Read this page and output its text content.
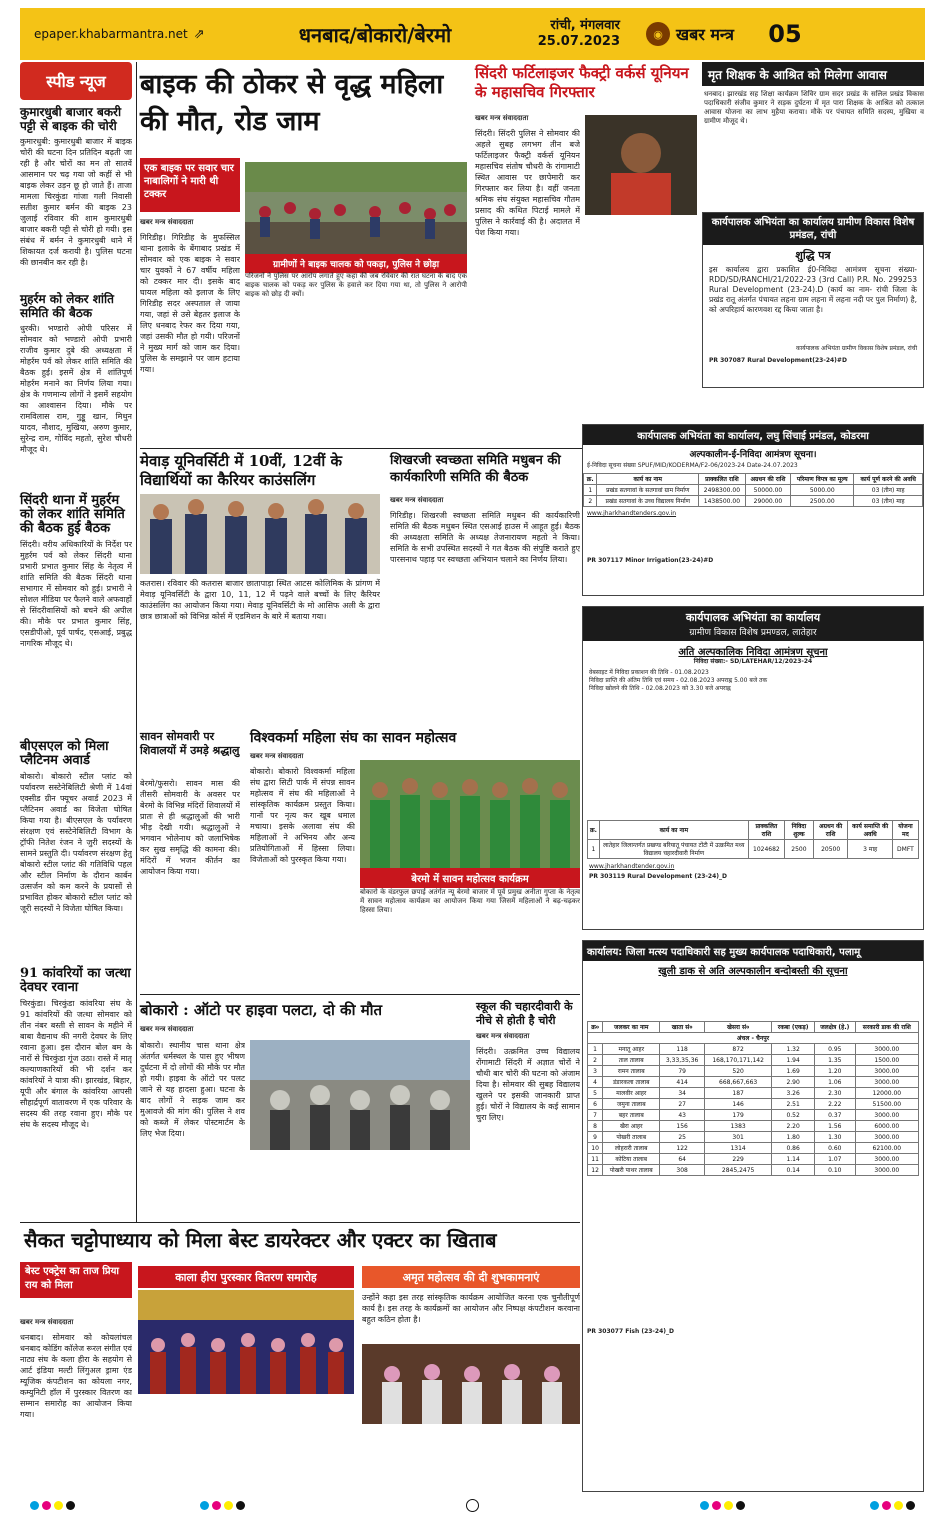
epaper.khabarmantra.net ⇗	धनबाद/बोकारो/बेरमो	रांची, मंगलवार
25.07.2023	◉ खबर मन्त्र	05
स्पीड न्यूज
कुमारधुबी बाजार बकरी पट्टी से बाइक की चोरी
कुमारधुबी: कुमारधुबी बाजार में बाइक चोरी की घटना दिन प्रतिदिन बढ़ती जा रही है और चोरों का मन तो सातवें आसमान पर चढ़ गया जो कहीं से भी बाइक लेकर उड़न छू हो जाते हैं। ताजा मामला चिरकुंडा गांजा गली निवासी सतीश कुमार बर्मन की बाइक 23 जुलाई रविवार की शाम कुमारधुबी बाजार बकरी पट्टी से चोरी हो गयी। इस संबंध में बर्मन ने कुमारधुबी थाने में शिकायत दर्ज करायी है। पुलिस घटना की छानबीन कर रही है।
मुहर्रम को लेकर शांति समिति की बैठक
धुरकी। भण्डारो ओपी परिसर में सोमवार को भण्डारो ओपी प्रभारी राजीव कुमार दुबे की अध्यक्षता में मोहर्रम पर्व को लेकर शांति समिति की बैठक हुई। इसमें क्षेत्र में शांतिपूर्ण मोहर्रम मनाने का निर्णय लिया गया। क्षेत्र के गणमान्य लोगों ने इसमें सहयोग का आश्वासन दिया। मौके पर रामविलास राम, गुड्डू खान, मिथुन यादव, नौशाद, मुखिया, अरुण कुमार, सुरेन्द्र राम, गोविंद महतो, सुरेश चौधरी मौजूद थे।
सिंदरी थाना में मुहर्रम को लेकर शांति समिति की बैठक हुई बैठक
सिंदरी। वरीय अधिकारियों के निर्देश पर मुहर्रम पर्व को लेकर सिंदरी थाना प्रभारी प्रभात कुमार सिंह के नेतृत्व में शांति समिति की बैठक सिंदरी थाना सभागार में सोमवार को हुई। प्रभारी ने सोशल मीडिया पर फैलने वाले अफवाहों से सिंदरीवासियों को बचने की अपील की। मौके पर प्रभात कुमार सिंह, एसडीपीओ, पूर्व पार्षद, एसआई, प्रबुद्ध नागरिक मौजूद थे।
बीएसएल को मिला प्लैटिनम अवार्ड
बोकारो। बोकारो स्टील प्लांट को पर्यावरण सस्टेनेबिलिटी श्रेणी में 14वां एक्सीड ग्रीन फ्यूचर अवार्ड 2023 में प्लैटिनम अवार्ड का विजेता घोषित किया गया है। बीएसएल के पर्यावरण संरक्षण एवं सस्टेनेबिलिटी विभाग के ट्रॉफी नितेश रंजन ने जुरी सदस्यों के सामने प्रस्तुति दी। पर्यावरण संरक्षण हेतु बोकारो स्टील प्लांट की गतिविधि पहल और स्टील निर्माण के दौरान कार्बन उत्सर्जन को कम करने के प्रयासों से प्रभावित होकर बोकारो स्टील प्लांट को जूरी सदस्यों ने विजेता घोषित किया।
91 कांवरियों का जत्था देवघर रवाना
चिरकुंडा। चिरकुंडा कांवरिया संघ के 91 कांवरियों की जत्था सोमवार को तीन नंबर बस्ती से सावन के महीने में बाबा वैद्यनाथ की नगरी देवघर के लिए रवाना हुआ। इस दौरान बोल बम के नारों से चिरकुंडा गूंज उठा। रास्ते में मातृ कल्याणकारियों की भी दर्शन कर कांवरियों ने यात्रा की। झारखंड, बिहार, यूपी और बंगाल के कांवरिया आपसी सौहार्द्रपूर्ण वातावरण में एक परिवार के सदस्य की तरह रवाना हुए। मौके पर संघ के सदस्य मौजूद थे।
बाइक की ठोकर से वृद्ध महिला की मौत, रोड जाम
एक बाइक पर सवार चार नाबालिगों ने मारी थी टक्कर
खबर मन्त्र संवाददाता
गिरिडीह। गिरिडीह के मुफस्सिल थाना इलाके के बेंगाबाद प्रखंड में सोमवार को एक बाइक ने सवार चार युवकों ने 67 वर्षीय महिला को टक्कर मार दी। इसके बाद घायल महिला को इलाज के लिए गिरिडीह सदर अस्पताल ले जाया गया, जहां से उसे बेहतर इलाज के लिए धनबाद रेफर कर दिया गया, जहां उसकी मौत हो गयी। परिजनों ने मुख्य मार्ग को जाम कर दिया। पुलिस के समझाने पर जाम हटाया गया।
ग्रामीणों ने बाइक चालक को पकड़ा, पुलिस ने छोड़ा
परिजनों ने पुलिस पर आरोप लगाते हुए कहा की जब रविवार की रात घटना के बाद एक बाइक चालक को पकड़ कर पुलिस के हवाले कर दिया गया था, तो पुलिस ने आरोपी बाइक को छोड़ दी क्यों।
सिंदरी फर्टिलाइजर फैक्ट्री वर्कर्स यूनियन के महासचिव गिरफ्तार
खबर मन्त्र संवाददाता
सिंदरी। सिंदरी पुलिस ने सोमवार की अहले सुबह लगभग तीन बजे फर्टिलाइजर फैक्ट्री वर्कर्स यूनियन महासचिव संतोष चौधरी के रांगामाटी स्थित आवास पर छापेमारी कर गिरफ्तार कर लिया है। वहीं जनता श्रमिक संघ संयुक्त महासचिव गौतम प्रसाद की कथित पिटाई मामले में पुलिस ने कार्रवाई की है। अदालत में पेश किया गया।
मृत शिक्षक के आश्रित को मिलेगा आवास
धनबाद। झारखंड सह शिक्षा कार्यक्रम शिविर ग्राम सदर प्रखंड के सलिल प्रखंड विकास पदाधिकारी संजीव कुमार ने सड़क दुर्घटना में मृत पारा शिक्षक के आश्रित को तत्काल आवास योजना का लाभ मुहैया कराया। मौके पर पंचायत समिति सदस्य, मुखिया व ग्रामीण मौजूद थे।
कार्यपालक अभियंता का कार्यालय ग्रामीण विकास विशेष प्रमंडल, रांची
शुद्धि पत्र
इस कार्यालय द्वारा प्रकाशित ई0-निविदा आमंत्रण सूचना संख्या- RDD/SD/RANCHI/21/2022-23 (3rd Call) P.R. No. 299253 Rural Development (23-24).D (कार्य का नाम- रांची जिला के प्रखंड रातू अंतर्गत पंचायत लहना ग्राम लहना में लहना नदी पर पुल निर्माण) है, को अपरिहार्य कारणवश रद्द किया जाता है।
कार्यपालक अभियंता ग्रामीण विकास विशेष प्रमंडल, रांची
PR 307087 Rural Development(23-24)#D
मेवाड़ यूनिवर्सिटी में 10वीं, 12वीं के विद्यार्थियों का कैरियर काउंसलिंग
कतरास। रविवार की कतरास बाजार छातापाड़ा स्थित आटस कोलिमिक के प्रांगण में मेवाड़ यूनिवर्सिटी के द्वारा 10, 11, 12 में पढ़ने वाले बच्चों के लिए कैरियर काउंसलिंग का आयोजन किया गया। मेवाड़ यूनिवर्सिटी के मो आसिफ अली के द्वारा छात्र छात्राओं को विभिन्न कोर्स में एडमिशन के बारे में बताया गया।
शिखरजी स्वच्छता समिति मधुबन की कार्यकारिणी समिति की बैठक
खबर मन्त्र संवाददाता
गिरिडीह। शिखरजी स्वच्छता समिति मधुबन की कार्यकारिणी समिति की बैठक मधुबन स्थित एसआई हाउस में आहूत हुई। बैठक की अध्यक्षता समिति के अध्यक्ष तेजनारायण महतो ने किया। समिति के सभी उपस्थित सदस्यों ने गत बैठक की संपुष्टि कराते हुए पारसनाथ पहाड़ पर स्वच्छता अभियान चलाने का निर्णय लिया।
सावन सोमवारी पर शिवालयों में उमड़े श्रद्धालु
बेरमो/फुसरो। सावन मास की तीसरी सोमवारी के अवसर पर बेरमो के विभिन्न मंदिरों शिवालयों में प्रातः से ही श्रद्धालुओं की भारी भीड़ देखी गयी। श्रद्धालुओं ने भगवान भोलेनाथ को जलाभिषेक कर सुख समृद्धि की कामना की। मंदिरों में भजन कीर्तन का आयोजन किया गया।
विश्वकर्मा महिला संघ का सावन महोत्सव
खबर मन्त्र संवाददाता
बोकारो। बोकारो विश्वकर्मा महिला संघ द्वारा सिटी पार्क में संपन्न सावन महोत्सव में संघ की महिलाओं ने सांस्कृतिक कार्यक्रम प्रस्तुत किया। गानों पर नृत्य कर खूब धमाल मचाया। इसके अलावा संघ की महिलाओं ने अभिनय और अन्य प्रतियोगिताओं में हिस्सा लिया। विजेताओं को पुरस्कृत किया गया।
बेरमो में सावन महोत्सव कार्यक्रम
बोकारो के वंडरफुल छपाई अतंर्गत न्यू बेरमो बाजार में पूर्व प्रमुख अनीता गुप्ता के नेतृत्व में सावन महोत्सव कार्यक्रम का आयोजन किया गया जिसमें महिलाओं ने बढ़-चढ़कर हिस्सा लिया।
बोकारो : ऑटो पर हाइवा पलटा, दो की मौत
खबर मन्त्र संवाददाता
बोकारो। स्थानीय चास थाना क्षेत्र अंतर्गत धर्मस्थल के पास हुए भीषण दुर्घटना में दो लोगों की मौके पर मौत हो गयी। हाइवा के ऑटो पर पलट जाने से यह हादसा हुआ। घटना के बाद लोगों ने सड़क जाम कर मुआवजे की मांग की। पुलिस ने शव को कब्जे में लेकर पोस्टमार्टम के लिए भेज दिया।
स्कूल की चहारदीवारी के नीचे से होती है चोरी
खबर मन्त्र संवाददाता
सिंदरी। उत्क्रमित उच्च विद्यालय रोंगामाटी सिंदरी में अज्ञात चोरों ने चौथी बार चोरी की घटना को अंजाम दिया है। सोमवार की सुबह विद्यालय खुलने पर इसकी जानकारी प्राप्त हुई। चोरों ने विद्यालय के कई सामान चुरा लिए।
सैकत चट्टोपाध्याय को मिला बेस्ट डायरेक्टर और एक्टर का खिताब
बेस्ट एक्ट्रेस का ताज प्रिया राय को मिला
खबर मन्त्र संवाददाता
धनबाद। सोमवार को कोयलांचल धनबाद कोडिंग कॉलेज रूरल संगीत एवं नाट्य संघ के कला हीरा के सहयोग से आर्ट इंडिया मल्टी लिंगुअल ड्रामा एंड म्यूजिक कंपटीशन का कोयला नगर, कम्युनिटी हॉल में पुरस्कार वितरण का सम्मान समारोह का आयोजन किया गया।
काला हीरा पुरस्कार वितरण समारोह	अमृत महोत्सव की दी शुभकामनाएं
उन्होंने कहा इस तरह सांस्कृतिक कार्यक्रम आयोजित करना एक चुनौतीपूर्ण कार्य है। इस तरह के कार्यक्रमों का आयोजन और निष्पक्ष कंपटीशन करवाना बहुत कठिन होता है।
कार्यपालक अभियंता का कार्यालय, लघु सिंचाई प्रमंडल, कोडरमा
अल्पकालीन-ई-निविदा आमंत्रण सूचना।
ई-निविदा सूचना संख्या SPUF/MID/KODERMA/F2-06/2023-24 Date-24.07.2023
क्र.	कार्य का नाम	प्राक्कलित राशि	अग्रधन की राशि	परिमाण विपत्र का मूल्य	कार्य पूर्ण करने की अवधि
1	प्रखंड सतगावां के सतगावां ग्राम निर्माण	2498300.00	50000.00	5000.00	03 (तीन) माह
2	प्रखंड सतगावां के उच्च विद्यालय निर्माण	1438500.00	29000.00	2500.00	03 (तीन) माह
www.jharkhandtenders.gov.in
PR 307117 Minor Irrigation(23-24)#D
कार्यपालक अभियंता का कार्यालय
ग्रामीण विकास विशेष प्रमण्डल, लातेहार
अति अल्पकालिक निविदा आमंत्रण सूचना
निविदा संख्या:- SD/LATEHAR/12/2023-24
वेबसाइट में निविदा प्रकाशन की तिथि - 01.08.2023
निविदा प्राप्ति की अंतिम तिथि एवं समय - 02.08.2023 अपराह्न 5.00 बजे तक
निविदा खोलने की तिथि - 02.08.2023 को 3.30 बजे अपराह्न
क्र.	कार्य का नाम	प्राक्कलित राशि	निविदा शुल्क	अग्रधन की राशि	कार्य समाप्ति की अवधि	योजना मद
1	लातेहार जिलान्तर्गत प्रखण्ड बरियातू पंचायत टोंटी में उत्क्रमित मध्य विद्यालय चहारदीवारी निर्माण	1024682	2500	20500	3 माह	DMFT
www.jharkhandtender.gov.in
PR 303119 Rural Development (23-24)_D
कार्यालय: जिला मत्स्य पदाधिकारी सह मुख्य कार्यपालक पदाधिकारी, पलामू
खुली डाक से अति अल्पकालीन बन्दोबस्ती की सूचना
क्र०	जलकर का नाम	खाता सं०	खेसरा सं०	रकबा (एकड़)	जलक्षेत्र (हे.)	सरकारी डाक की राशि
अंचल - चैनपुर						
1	मनातू आहर	118	872	1.32	0.95	3000.00
2	ताल तालाब	3,33,35,36	168,170,171,142	1.94	1.35	1500.00
3	रामन तालाब	79	520	1.69	1.20	3000.00
4	डंडारकला तालाब	414	668,667,663	2.90	1.06	3000.00
5	मालवीर आहर	34	187	3.26	2.30	12000.00
6	जमुना तालाब	27	146	2.51	2.22	51500.00
7	बहर तालाब	43	179	0.52	0.37	3000.00
8	खैरा आहर	156	1383	2.20	1.56	6000.00
9	पोखरी तालाब	25	301	1.80	1.30	3000.00
10	लोहरारी तालाब	122	1314	0.86	0.60	62100.00
11	कोटिया तालाब	64	229	1.14	1.07	3000.00
12	पोखरी पाथर तालाब	308	2845,2475	0.14	0.10	3000.00
PR 303077 Fish (23-24)_D
